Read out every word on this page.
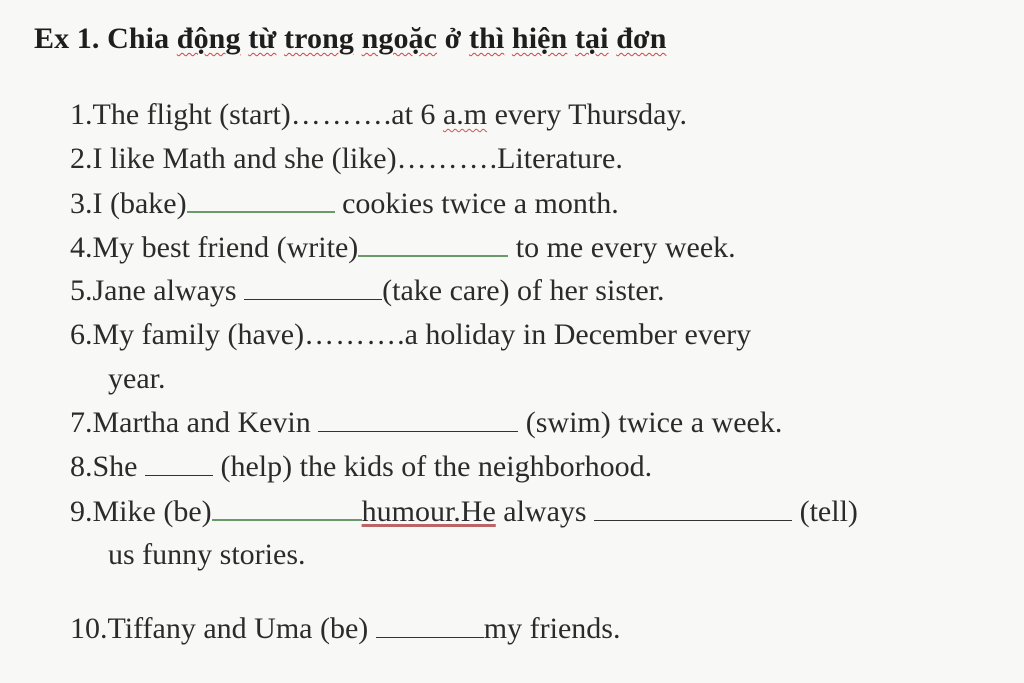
Ex 1. Chia động từ trong ngoặc ở thì hiện tại đơn
1.The flight (start)……….at 6 a.m every Thursday.
2.I like Math and she (like)……….Literature.
3.I (bake)	cookies twice a month.
4.My best friend (write)	to me every week.
5.Jane always	(take care) of her sister.
6.My family (have)……….a holiday in December every
year.
7.Martha and Kevin	(swim) twice a week.
8.She  (help) the kids of the neighborhood.
9.Mike (be)	humour.He always	(tell)
us funny stories.
10.Tiffany and Uma (be)	my friends.
